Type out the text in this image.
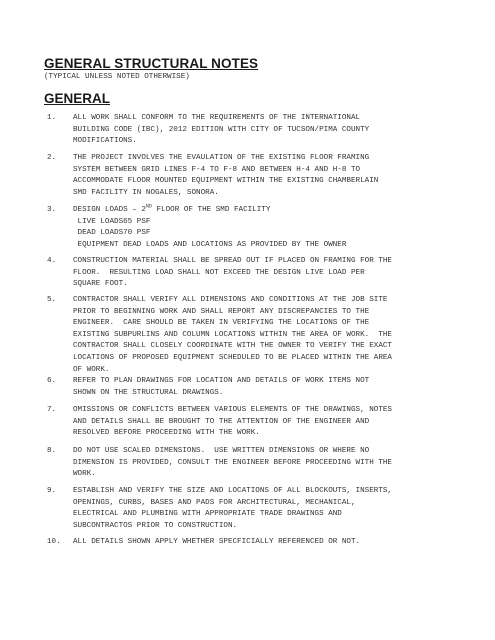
GENERAL STRUCTURAL NOTES
(TYPICAL UNLESS NOTED OTHERWISE)
GENERAL
1. ALL WORK SHALL CONFORM TO THE REQUIREMENTS OF THE INTERNATIONAL
BUILDING CODE (IBC), 2012 EDITION WITH CITY OF TUCSON/PIMA COUNTY
MODIFICATIONS.
2. THE PROJECT INVOLVES THE EVAULATION OF THE EXISTING FLOOR FRAMING
SYSTEM BETWEEN GRID LINES F-4 TO F-8 AND BETWEEN H-4 AND H-8 TO
ACCOMMODATE FLOOR MOUNTED EQUIPMENT WITHIN THE EXISTING CHAMBERLAIN
SMD FACILITY IN NOGALES, SONORA.
3. DESIGN LOADS – 2ND FLOOR OF THE SMD FACILITY
LIVE LOADS65 PSF
DEAD LOADS70 PSF
EQUIPMENT DEAD LOADS AND LOCATIONS AS PROVIDED BY THE OWNER
4. CONSTRUCTION MATERIAL SHALL BE SPREAD OUT IF PLACED ON FRAMING FOR THE
FLOOR.  RESULTING LOAD SHALL NOT EXCEED THE DESIGN LIVE LOAD PER
SQUARE FOOT.
5. CONTRACTOR SHALL VERIFY ALL DIMENSIONS AND CONDITIONS AT THE JOB SITE
PRIOR TO BEGINNING WORK AND SHALL REPORT ANY DISCREPANCIES TO THE
ENGINEER.  CARE SHOULD BE TAKEN IN VERIFYING THE LOCATIONS OF THE
EXISTING SUBPURLINS AND COLUMN LOCATIONS WITHIN THE AREA OF WORK.  THE
CONTRACTOR SHALL CLOSELY COORDINATE WITH THE OWNER TO VERIFY THE EXACT
LOCATIONS OF PROPOSED EQUIPMENT SCHEDULED TO BE PLACED WITHIN THE AREA
OF WORK.
6. REFER TO PLAN DRAWINGS FOR LOCATION AND DETAILS OF WORK ITEMS NOT
SHOWN ON THE STRUCTURAL DRAWINGS.
7. OMISSIONS OR CONFLICTS BETWEEN VARIOUS ELEMENTS OF THE DRAWINGS, NOTES
AND DETAILS SHALL BE BROUGHT TO THE ATTENTION OF THE ENGINEER AND
RESOLVED BEFORE PROCEEDING WITH THE WORK.
8. DO NOT USE SCALED DIMENSIONS.  USE WRITTEN DIMENSIONS OR WHERE NO
DIMENSION IS PROVIDED, CONSULT THE ENGINEER BEFORE PROCEEDING WITH THE
WORK.
9. ESTABLISH AND VERIFY THE SIZE AND LOCATIONS OF ALL BLOCKOUTS, INSERTS,
OPENINGS, CURBS, BASES AND PADS FOR ARCHITECTURAL, MECHANICAL,
ELECTRICAL AND PLUMBING WITH APPROPRIATE TRADE DRAWINGS AND
SUBCONTRACTOS PRIOR TO CONSTRUCTION.
10. ALL DETAILS SHOWN APPLY WHETHER SPECFICIALLY REFERENCED OR NOT.
